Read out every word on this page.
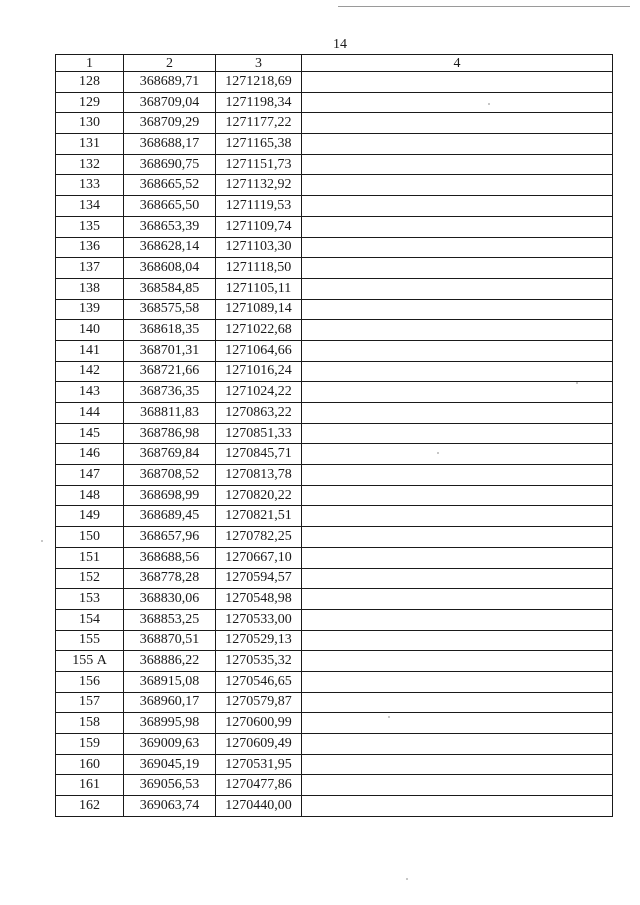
14
1	2	3	4
128	368689,71	1271218,69	
129	368709,04	1271198,34	
130	368709,29	1271177,22	
131	368688,17	1271165,38	
132	368690,75	1271151,73	
133	368665,52	1271132,92	
134	368665,50	1271119,53	
135	368653,39	1271109,74	
136	368628,14	1271103,30	
137	368608,04	1271118,50	
138	368584,85	1271105,11	
139	368575,58	1271089,14	
140	368618,35	1271022,68	
141	368701,31	1271064,66	
142	368721,66	1271016,24	
143	368736,35	1271024,22	
144	368811,83	1270863,22	
145	368786,98	1270851,33	
146	368769,84	1270845,71	
147	368708,52	1270813,78	
148	368698,99	1270820,22	
149	368689,45	1270821,51	
150	368657,96	1270782,25	
151	368688,56	1270667,10	
152	368778,28	1270594,57	
153	368830,06	1270548,98	
154	368853,25	1270533,00	
155	368870,51	1270529,13	
155 А	368886,22	1270535,32	
156	368915,08	1270546,65	
157	368960,17	1270579,87	
158	368995,98	1270600,99	
159	369009,63	1270609,49	
160	369045,19	1270531,95	
161	369056,53	1270477,86	
162	369063,74	1270440,00	
